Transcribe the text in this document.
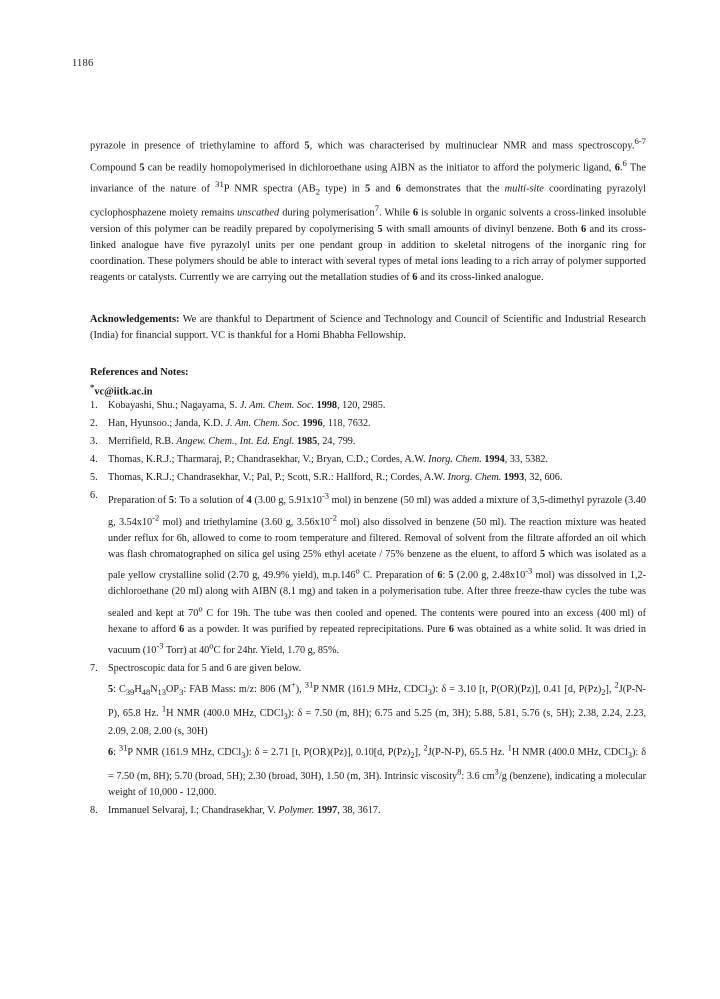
1186
pyrazole in presence of triethylamine to afford 5, which was characterised by multinuclear NMR and mass spectroscopy.$^{6-7}$ Compound 5 can be readily homopolymerised in dichloroethane using AIBN as the initiator to afford the polymeric ligand, 6.$^6$ The invariance of the nature of $^{31}$P NMR spectra ($AB_2$ type) in 5 and 6 demonstrates that the multi-site coordinating pyrazolyl cyclophosphazene moiety remains unscathed during polymerisation$^7$. While 6 is soluble in organic solvents a cross-linked insoluble version of this polymer can be readily prepared by copolymerising 5 with small amounts of divinyl benzene. Both 6 and its cross-linked analogue have five pyrazolyl units per one pendant group in addition to skeletal nitrogens of the inorganic ring for coordination. These polymers should be able to interact with several types of metal ions leading to a rich array of polymer supported reagents or catalysts. Currently we are carrying out the metallation studies of 6 and its cross-linked analogue.
Acknowledgements: We are thankful to Department of Science and Technology and Council of Scientific and Industrial Research (India) for financial support. VC is thankful for a Homi Bhabha Fellowship.
References and Notes:
*vc@iitk.ac.in
1. Kobayashi, Shu.; Nagayama, S. J. Am. Chem. Soc. 1998, 120, 2985.
2. Han, Hyunsoo.; Janda, K.D. J. Am. Chem. Soc. 1996, 118, 7632.
3. Merrifield, R.B. Angew. Chem., Int. Ed. Engl. 1985, 24, 799.
4. Thomas, K.R.J.; Tharmaraj, P.; Chandrasekhar, V.; Bryan, C.D.; Cordes, A.W. Inorg. Chem. 1994, 33, 5382.
5. Thomas, K.R.J.; Chandrasekhar, V.; Pal, P.; Scott, S.R.: Hallford, R.; Cordes, A.W. Inorg. Chem. 1993, 32, 606.
6. Preparation of 5: To a solution of 4 (3.00 g, $5.91x10^{-3}$ mol) in benzene (50 ml) was added a mixture of 3,5-dimethyl pyrazole (3.40 g, $3.54x10^{-2}$ mol) and triethylamine (3.60 g, $3.56x10^{-2}$ mol) also dissolved in benzene (50 ml). The reaction mixture was heated under reflux for 6h, allowed to come to room temperature and filtered. Removal of solvent from the filtrate afforded an oil which was flash chromatographed on silica gel using 25% ethyl acetate / 75% benzene as the eluent, to afford 5 which was isolated as a pale yellow crystalline solid (2.70 g, 49.9% yield), m.p.146$^o$ C. Preparation of 6: 5 (2.00 g, $2.48x10^{-3}$ mol) was dissolved in 1,2-dichloroethane (20 ml) along with AIBN (8.1 mg) and taken in a polymerisation tube. After three freeze-thaw cycles the tube was sealed and kept at 70$^o$ C for 19h. The tube was then cooled and opened. The contents were poured into an excess (400 ml) of hexane to afford 6 as a powder. It was purified by repeated reprecipitations. Pure 6 was obtained as a white solid. It was dried in vacuum ($10^{-3}$ Torr) at 40$^o$C for 24hr. Yield, 1.70 g, 85%.
7. Spectroscopic data for 5 and 6 are given below.
5: $C_{39}H_{48}N_{13}OP_3$: FAB Mass: m/z: 806 (M+), $^{31}$P NMR (161.9 MHz, CDCl$_3$): δ = 3.10 [t, P(OR)(Pz)], 0.41 [d, $P(Pz)_2$], $^2$J(P-N-P), 65.8 Hz. $^1$H NMR (400.0 MHz, CDCl$_3$): δ = 7.50 (m, 8H); 6.75 and 5.25 (m, 3H); 5.88, 5.81, 5.76 (s, 5H); 2.38, 2.24, 2.23, 2.09, 2.08, 2.00 (s, 30H)
6: $^{31}$P NMR (161.9 MHz, CDCl$_3$): δ = 2.71 [t, P(OR)(Pz)], 0.10[d, $P(Pz)_2$], $^2$J(P-N-P), 65.5 Hz. $^1$H NMR (400.0 MHz, CDCl$_3$): δ = 7.50 (m, 8H); 5.70 (broad, 5H); 2.30 (broad, 30H), 1.50 (m, 3H). Intrinsic viscosity$^8$: 3.6 $cm^3/g$ (benzene), indicating a molecular weight of 10,000 - 12,000.
8. Immanuel Selvaraj, I.; Chandrasekhar, V. Polymer. 1997, 38, 3617.
